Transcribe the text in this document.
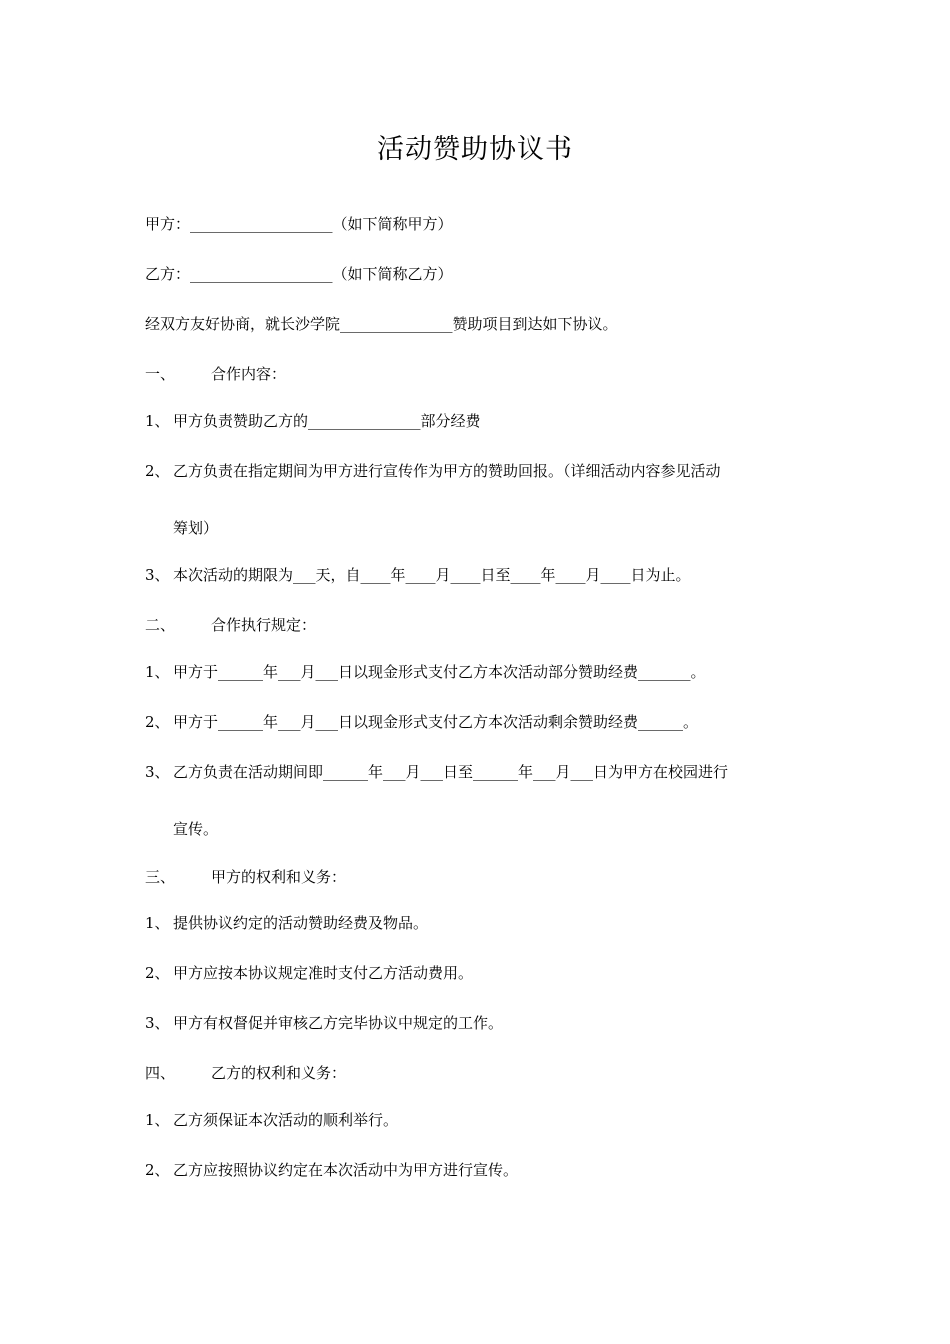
活动赞助协议书
甲方：___________________（如下简称甲方）
乙方：___________________（如下简称乙方）
经双方友好协商，就长沙学院_______________赞助项目到达如下协议。
一、 合作内容：
1、 甲方负责赞助乙方的_______________部分经费
2、 乙方负责在指定期间为甲方进行宣传作为甲方的赞助回报。（详细活动内容参见活动
筹划）
3、 本次活动的期限为___天，自____年____月____日至____年____月____日为止。
二、 合作执行规定：
1、 甲方于______年___月___日以现金形式支付乙方本次活动部分赞助经费_______。
2、 甲方于______年___月___日以现金形式支付乙方本次活动剩余赞助经费______。
3、 乙方负责在活动期间即______年___月___日至______年___月___日为甲方在校园进行
宣传。
三、 甲方的权利和义务：
1、 提供协议约定的活动赞助经费及物品。
2、 甲方应按本协议规定准时支付乙方活动费用。
3、 甲方有权督促并审核乙方完毕协议中规定的工作。
四、 乙方的权利和义务：
1、 乙方须保证本次活动的顺利举行。
2、 乙方应按照协议约定在本次活动中为甲方进行宣传。
